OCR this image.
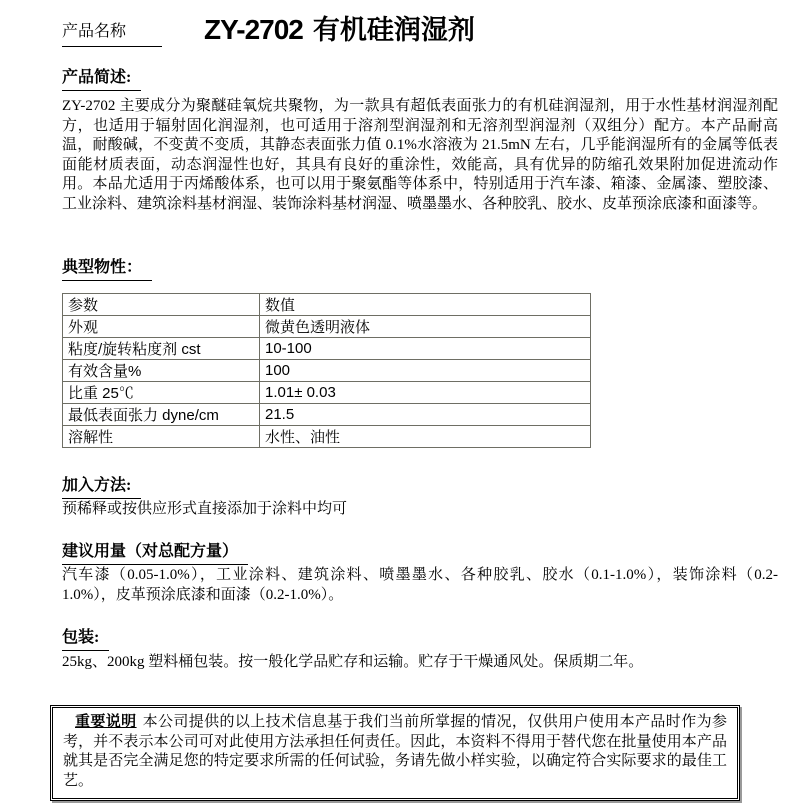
产品名称	ZY-2702 有机硅润湿剂
产品简述:
ZY-2702 主要成分为聚醚硅氧烷共聚物，为一款具有超低表面张力的有机硅润湿剂，用于水性基材润湿剂配方，也适用于辐射固化润湿剂，也可适用于溶剂型润湿剂和无溶剂型润湿剂（双组分）配方。本产品耐高温，耐酸碱，不变黄不变质，其静态表面张力值 0.1%水溶液为 21.5mN 左右，几乎能润湿所有的金属等低表面能材质表面，动态润湿性也好，其具有良好的重涂性，效能高，具有优异的防缩孔效果附加促进流动作用。本品尤适用于丙烯酸体系，也可以用于聚氨酯等体系中，特别适用于汽车漆、箱漆、金属漆、塑胶漆、工业涂料、建筑涂料基材润湿、装饰涂料基材润湿、喷墨墨水、各种胶乳、胶水、皮革预涂底漆和面漆等。
典型物性：
参数	数值
外观	微黄色透明液体
粘度/旋转粘度剂 cst	10-100
有效含量%	100
比重 25℃	1.01± 0.03
最低表面张力 dyne/cm	21.5
溶解性	水性、油性
加入方法:
预稀释或按供应形式直接添加于涂料中均可
建议用量（对总配方量）
汽车漆（0.05-1.0%），工业涂料、建筑涂料、喷墨墨水、各种胶乳、胶水（0.1-1.0%），装饰涂料（0.2-1.0%），皮革预涂底漆和面漆（0.2-1.0%）。
包装:
25kg、200kg 塑料桶包装。按一般化学品贮存和运输。贮存于干燥通风处。保质期二年。

重要说明 本公司提供的以上技术信息基于我们当前所掌握的情况，仅供用户使用本产品时作为参考，并不表示本公司可对此使用方法承担任何责任。因此，本资料不得用于替代您在批量使用本产品就其是否完全满足您的特定要求所需的任何试验，务请先做小样实验，以确定符合实际要求的最佳工艺。
